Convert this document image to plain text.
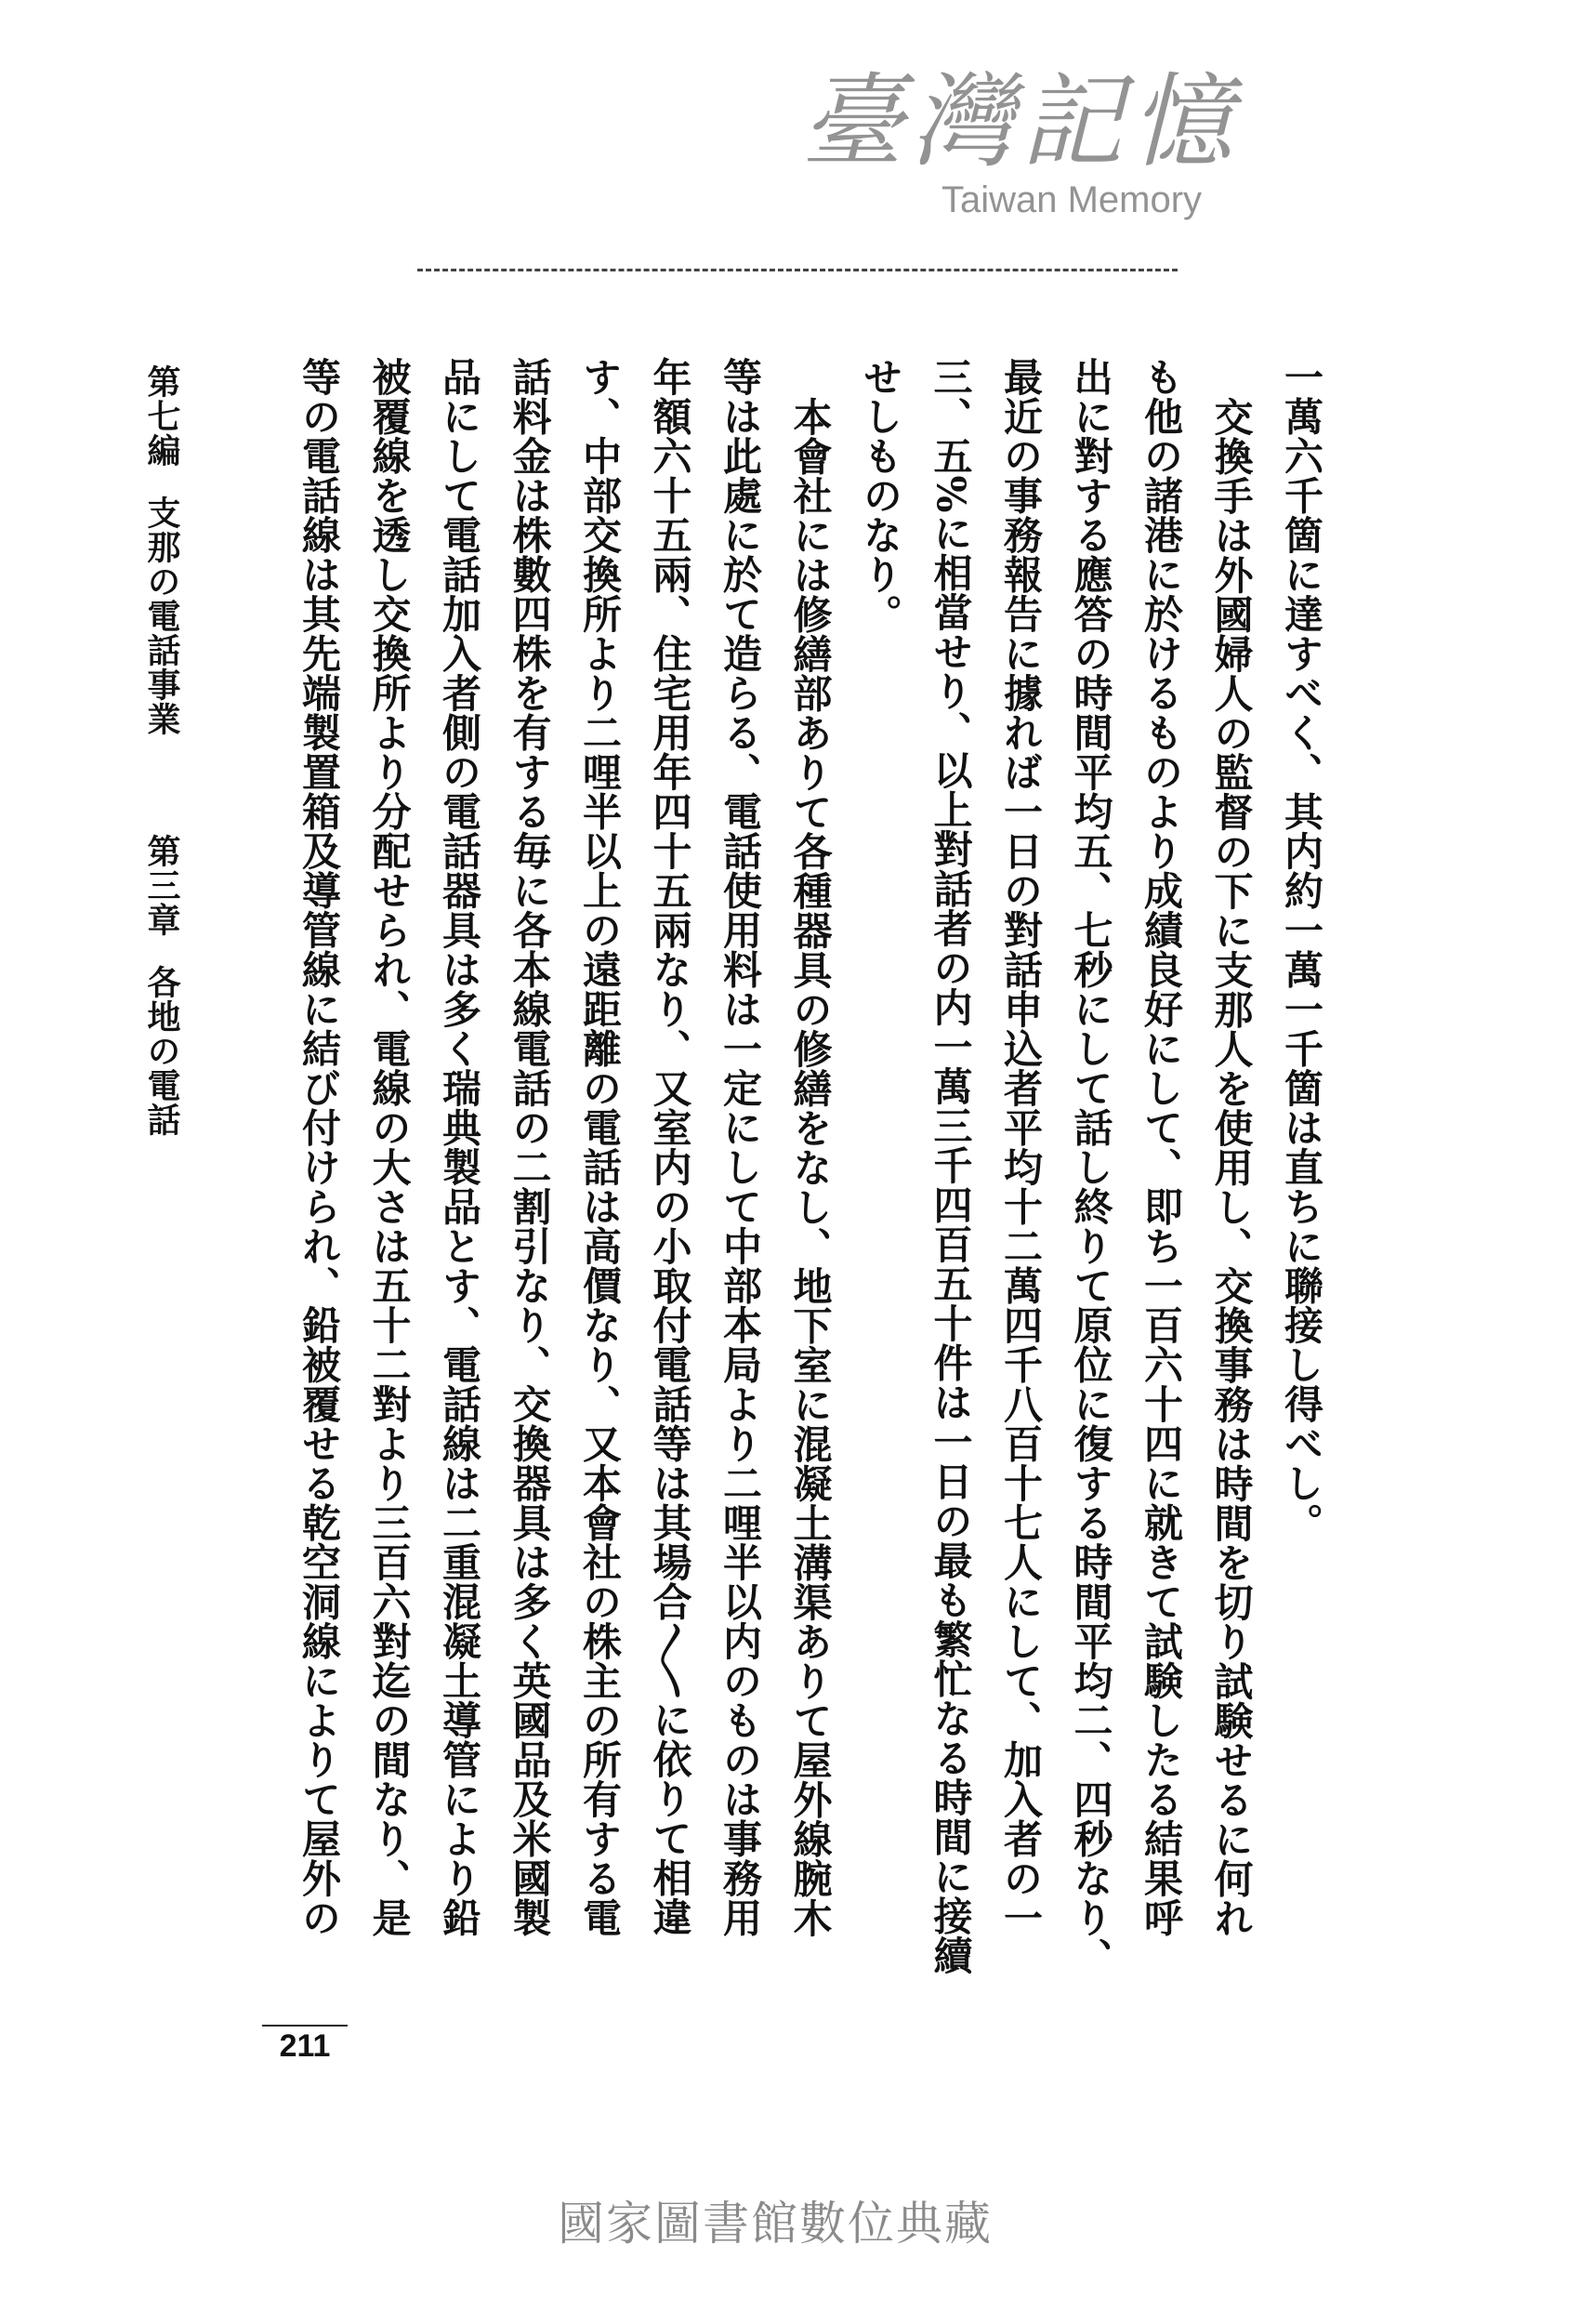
一萬六千箇に達すべく、其内約一萬一千箇は直ちに聯接し得べし。
交換手は外國婦人の監督の下に支那人を使用し、交換事務は時間を切り試験せるに何れ
も他の諸港に於けるものより成績良好にして、即ち一百六十四に就きて試験したる結果呼
出に對する應答の時間平均五、七秒にして話し終りて原位に復する時間平均二、四秒なり、
最近の事務報告に據れば一日の對話申込者平均十二萬四千八百十七人にして、加入者の一
三、五%に相當せり、以上對話者の内一萬三千四百五十件は一日の最も繁忙なる時間に接續
せしものなり。
本會社には修繕部ありて各種器具の修繕をなし、地下室に混凝土溝渠ありて屋外線腕木
等は此處に於て造らる、電話使用料は一定にして中部本局より二哩半以内のものは事務用
年額六十五兩、住宅用年四十五兩なり、又室内の小取付電話等は其場合〳〵に依りて相違
す、中部交換所より二哩半以上の遠距離の電話は高價なり、又本會社の株主の所有する電
話料金は株數四株を有する毎に各本線電話の二割引なり、交換器具は多く英國品及米國製
品にして電話加入者側の電話器具は多く瑞典製品とす、電話線は二重混凝土導管により鉛
被覆線を透し交換所より分配せられ、電線の大さは五十二對より三百六對迄の間なり、是
等の電話線は其先端製置箱及導管線に結び付けられ、鉛被覆せる乾空洞線によりて屋外の
第七編支那の電話事業第三章各地の電話
211
臺灣記憶
Taiwan Memory
國家圖書館數位典藏
